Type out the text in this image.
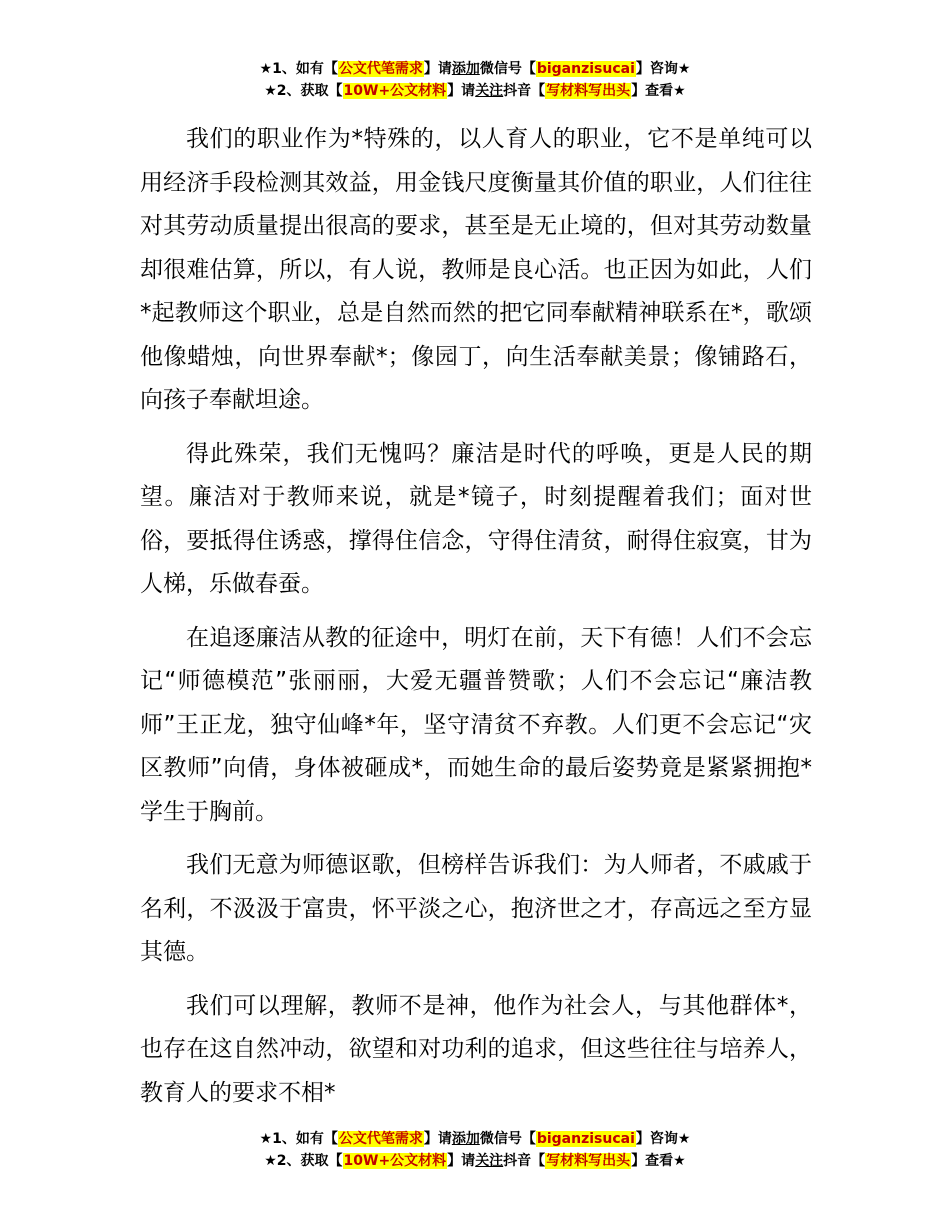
★1、如有【公文代笔需求】请添加微信号【biganzisucai】咨询★
★2、获取【10W+公文材料】请关注抖音【写材料写出头】查看★

我们的职业作为*特殊的，以人育人的职业，它不是单纯可以用经济手段检测其效益，用金钱尺度衡量其价值的职业，人们往往对其劳动质量提出很高的要求，甚至是无止境的，但对其劳动数量却很难估算，所以，有人说，教师是良心活。也正因为如此，人们*起教师这个职业，总是自然而然的把它同奉献精神联系在*，歌颂他像蜡烛，向世界奉献*；像园丁，向生活奉献美景；像铺路石，向孩子奉献坦途。

得此殊荣，我们无愧吗？廉洁是时代的呼唤，更是人民的期望。廉洁对于教师来说，就是*镜子，时刻提醒着我们；面对世俗，要抵得住诱惑，撑得住信念，守得住清贫，耐得住寂寞，甘为人梯，乐做春蚕。

在追逐廉洁从教的征途中，明灯在前，天下有德！人们不会忘记“师德模范”张丽丽，大爱无疆普赞歌；人们不会忘记“廉洁教师”王正龙，独守仙峰*年，坚守清贫不弃教。人们更不会忘记“灾区教师”向倩，身体被砸成*，而她生命的最后姿势竟是紧紧拥抱*学生于胸前。

我们无意为师德讴歌，但榜样告诉我们：为人师者，不戚戚于名利，不汲汲于富贵，怀平淡之心，抱济世之才，存高远之至方显其德。

我们可以理解，教师不是神，他作为社会人，与其他群体*，也存在这自然冲动，欲望和对功利的追求，但这些往往与培养人，教育人的要求不相*

★1、如有【公文代笔需求】请添加微信号【biganzisucai】咨询★
★2、获取【10W+公文材料】请关注抖音【写材料写出头】查看★
